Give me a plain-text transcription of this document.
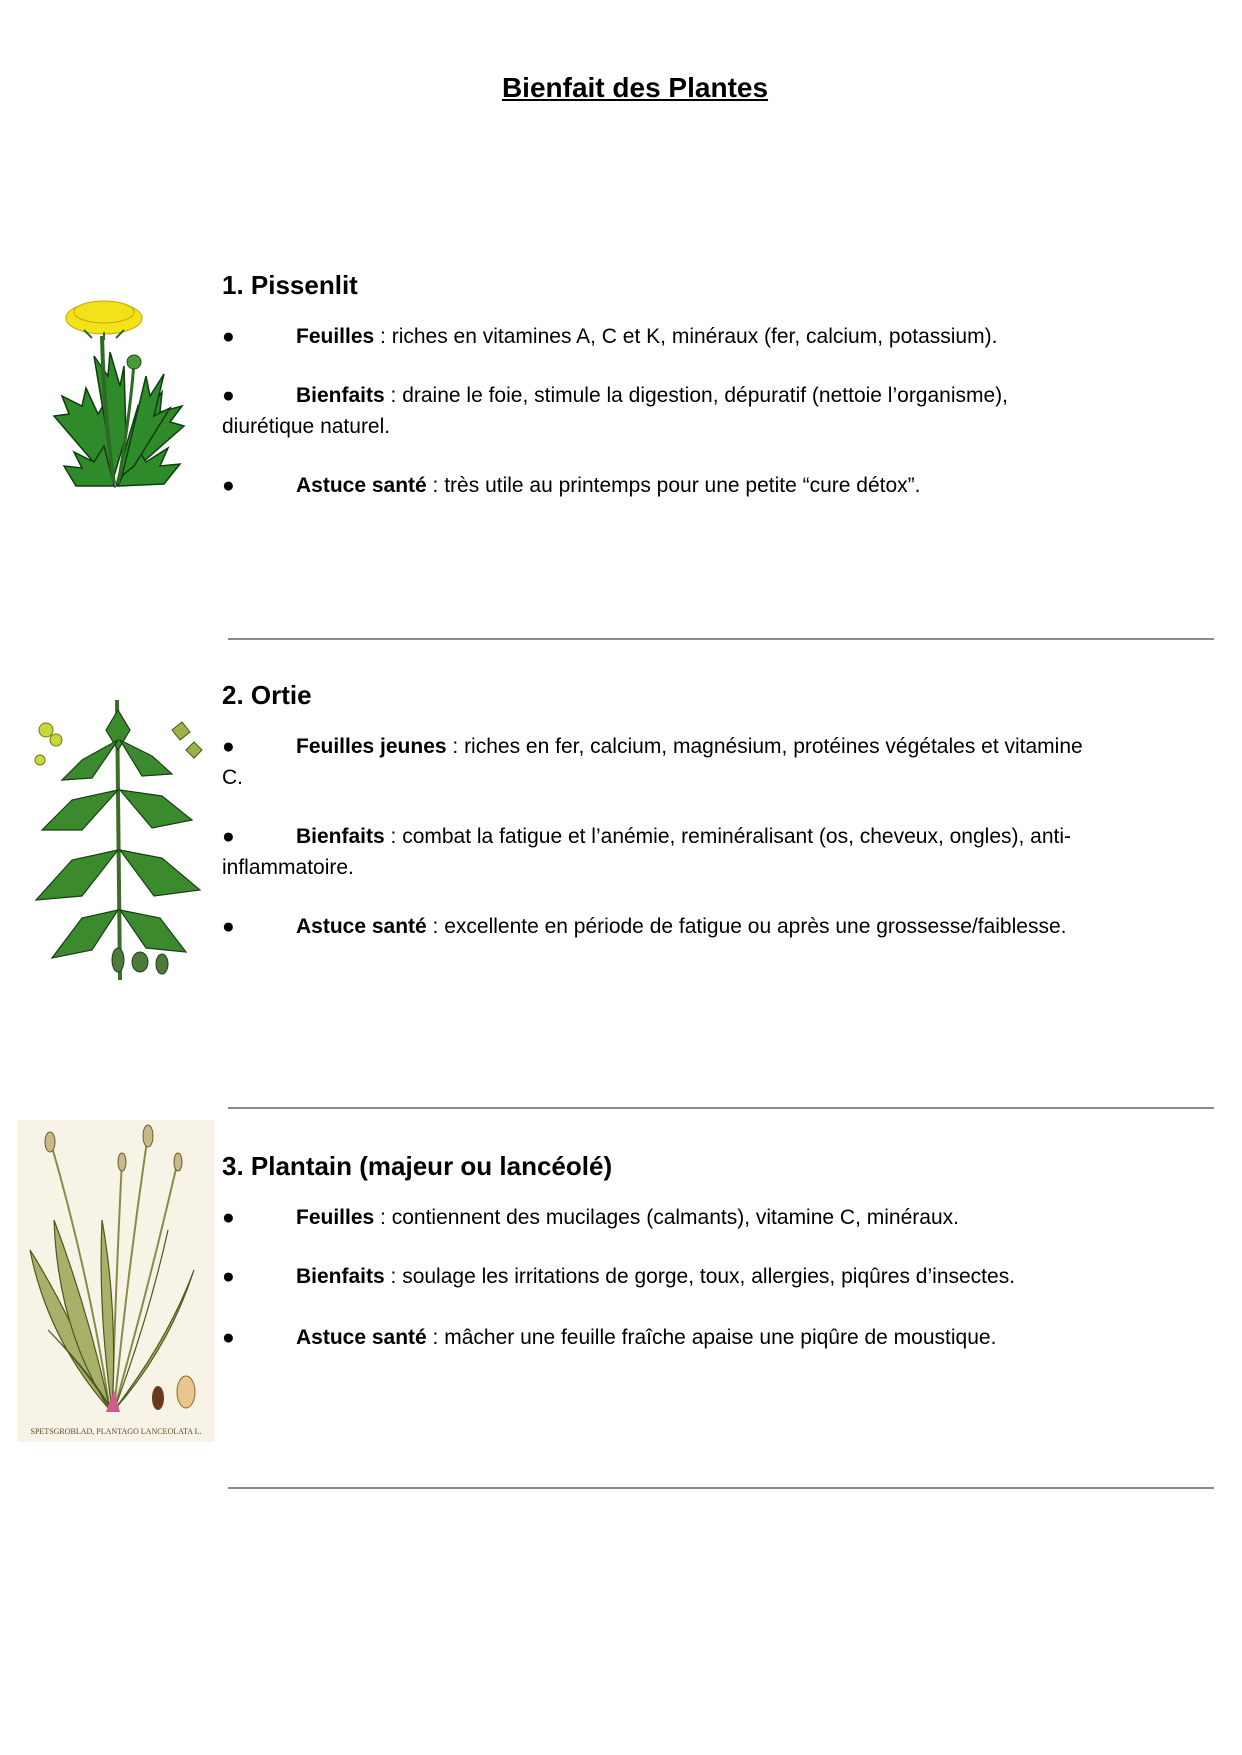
Bienfait des Plantes
SPETSGROBLAD, PLANTAGO LANCEOLATA L.
1. Pissenlit
●	Feuilles : riches en vitamines A, C et K, minéraux (fer, calcium, potassium).
●	Bienfaits : draine le foie, stimule la digestion, dépuratif (nettoie l’organisme), diurétique naturel.
●	Astuce santé : très utile au printemps pour une petite “cure détox”.
2. Ortie
●	Feuilles jeunes : riches en fer, calcium, magnésium, protéines végétales et vitamine C.
●	Bienfaits : combat la fatigue et l’anémie, reminéralisant (os, cheveux, ongles), anti-inflammatoire.
●	Astuce santé : excellente en période de fatigue ou après une grossesse/faiblesse.
3. Plantain (majeur ou lancéolé)
●	Feuilles : contiennent des mucilages (calmants), vitamine C, minéraux.
●	Bienfaits : soulage les irritations de gorge, toux, allergies, piqûres d’insectes.
●	Astuce santé : mâcher une feuille fraîche apaise une piqûre de moustique.
